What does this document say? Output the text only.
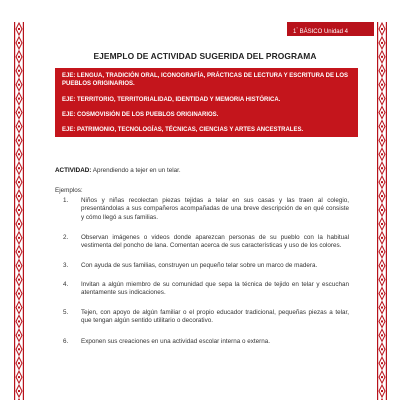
1° BÁSICO Unidad 4
EJEMPLO DE ACTIVIDAD SUGERIDA DEL PROGRAMA
EJE: LENGUA, TRADICIÓN ORAL, ICONOGRAFÍA, PRÁCTICAS DE LECTURA Y ESCRITURA DE LOS PUEBLOS ORIGINARIOS.
EJE: TERRITORIO, TERRITORIALIDAD, IDENTIDAD Y MEMORIA HISTÓRICA.
EJE: COSMOVISIÓN DE LOS PUEBLOS ORIGINARIOS.
EJE: PATRIMONIO, TECNOLOGÍAS, TÉCNICAS, CIENCIAS Y ARTES ANCESTRALES.
ACTIVIDAD: Aprendiendo a tejer en un telar.
Ejemplos:
1. Niños y niñas recolectan piezas tejidas a telar en sus casas y las traen al colegio, presentándolas a sus compañeros acompañadas de una breve descripción de en qué consiste y cómo llegó a sus familias.
2. Observan imágenes o videos donde aparezcan personas de su pueblo con la habitual vestimenta del poncho de lana. Comentan acerca de sus características y uso de los colores.
3. Con ayuda de sus familias, construyen un pequeño telar sobre un marco de madera.
4. Invitan a algún miembro de su comunidad que sepa la técnica de tejido en telar y escuchan atentamente sus indicaciones.
5. Tejen, con apoyo de algún familiar o el propio educador tradicional, pequeñas piezas a telar, que tengan algún sentido utilitario o decorativo.
6. Exponen sus creaciones en una actividad escolar interna o externa.
